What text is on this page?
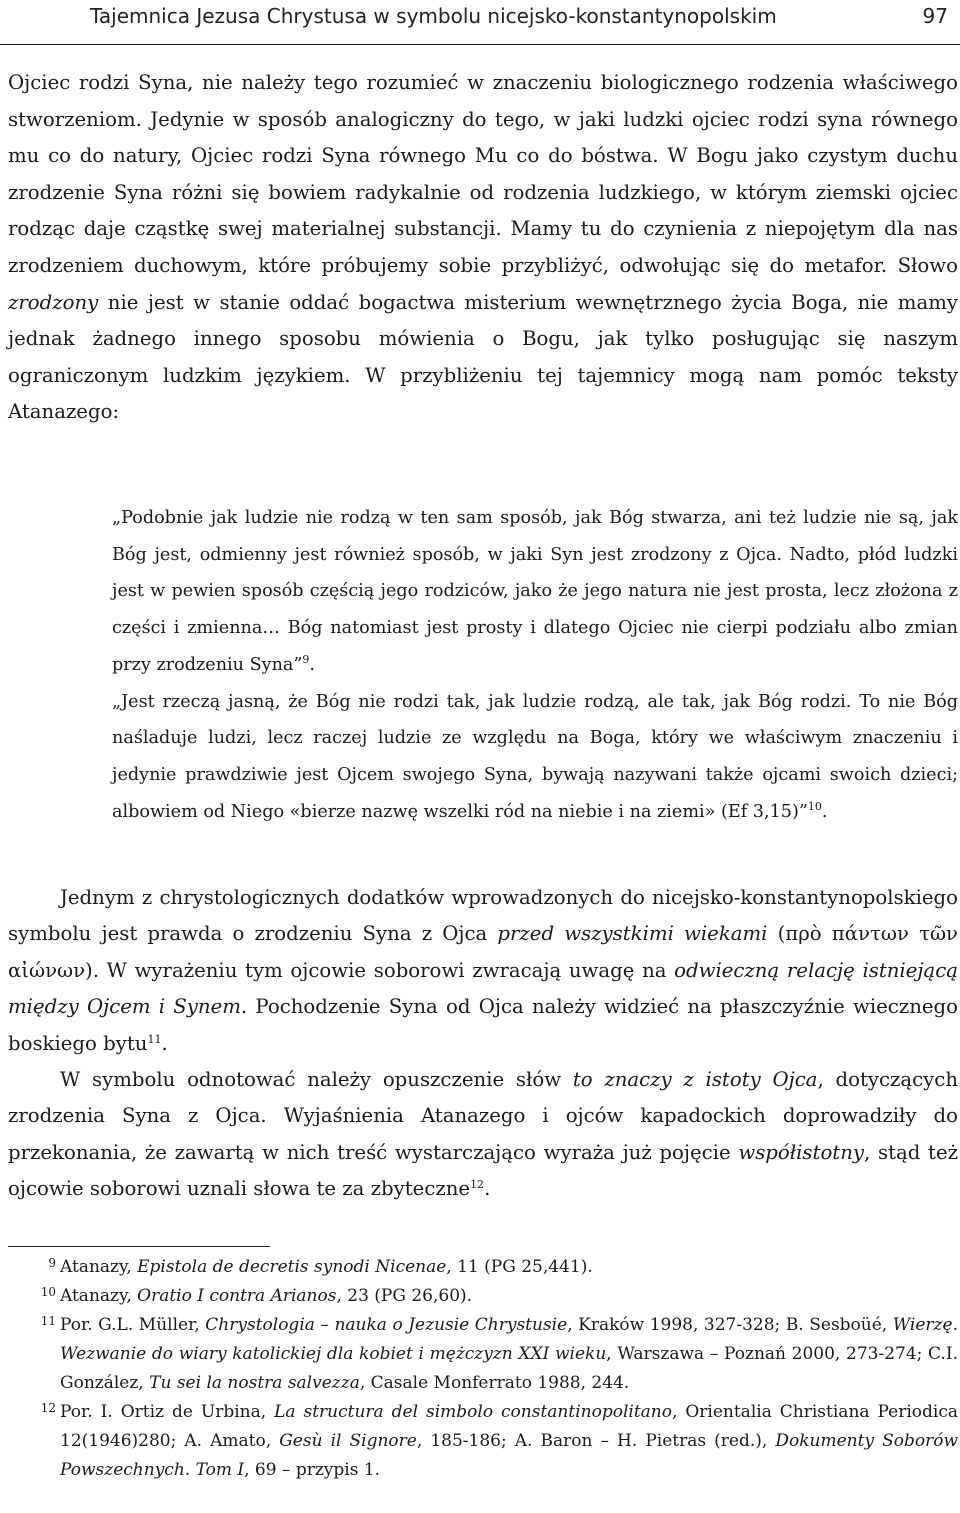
Tajemnica Jezusa Chrystusa w symbolu nicejsko-konstantynopolskim	97

Ojciec rodzi Syna, nie należy tego rozumieć w znaczeniu biologicznego rodzenia właściwego stworzeniom. Jedynie w sposób analogiczny do tego, w jaki ludzki ojciec rodzi syna równego mu co do natury, Ojciec rodzi Syna równego Mu co do bóstwa. W Bogu jako czystym duchu zrodzenie Syna różni się bowiem radykalnie od rodzenia ludzkiego, w którym ziemski ojciec rodząc daje cząstkę swej materialnej substancji. Mamy tu do czynienia z niepojętym dla nas zrodzeniem duchowym, które próbujemy sobie przybliżyć, odwołując się do metafor. Słowo zrodzony nie jest w stanie oddać bogactwa misterium wewnętrznego życia Boga, nie mamy jednak żadnego innego sposobu mówienia o Bogu, jak tylko posługując się naszym ograniczonym ludzkim językiem. W przybliżeniu tej tajemnicy mogą nam pomóc teksty Atanazego:

„Podobnie jak ludzie nie rodzą w ten sam sposób, jak Bóg stwarza, ani też ludzie nie są, jak Bóg jest, odmienny jest również sposób, w jaki Syn jest zrodzony z Ojca. Nadto, płód ludzki jest w pewien sposób częścią jego rodziców, jako że jego natura nie jest prosta, lecz złożona z części i zmienna… Bóg natomiast jest prosty i dlatego Ojciec nie cierpi podziału albo zmian przy zrodzeniu Syna”$^9$.

„Jest rzeczą jasną, że Bóg nie rodzi tak, jak ludzie rodzą, ale tak, jak Bóg rodzi. To nie Bóg naśladuje ludzi, lecz raczej ludzie ze względu na Boga, który we właściwym znaczeniu i jedynie prawdziwie jest Ojcem swojego Syna, bywają nazywani także ojcami swoich dzieci; albowiem od Niego «bierze nazwę wszelki ród na niebie i na ziemi» (Ef 3,15)”$^{10}$.

Jednym z chrystologicznych dodatków wprowadzonych do nicejsko-konstantynopolskiego symbolu jest prawda o zrodzeniu Syna z Ojca przed wszystkimi wiekami (πρὸ πάντων τῶν αἰώνων). W wyrażeniu tym ojcowie soborowi zwracają uwagę na odwieczną relację istniejącą między Ojcem i Synem. Pochodzenie Syna od Ojca należy widzieć na płaszczyźnie wiecznego boskiego bytu$^{11}$.

W symbolu odnotować należy opuszczenie słów to znaczy z istoty Ojca, dotyczących zrodzenia Syna z Ojca. Wyjaśnienia Atanazego i ojców kapadockich doprowadziły do przekonania, że zawartą w nich treść wystarczająco wyraża już pojęcie współistotny, stąd też ojcowie soborowi uznali słowa te za zbyteczne$^{12}$.

9 Atanazy, Epistola de decretis synodi Nicenae, 11 (PG 25,441).
10 Atanazy, Oratio I contra Arianos, 23 (PG 26,60).
11 Por. G.L. Müller, Chrystologia – nauka o Jezusie Chrystusie, Kraków 1998, 327-328; B. Sesboüé, Wierzę. Wezwanie do wiary katolickiej dla kobiet i mężczyzn XXI wieku, Warszawa – Poznań 2000, 273-274; C.I. González, Tu sei la nostra salvezza, Casale Monferrato 1988, 244.
12 Por. I. Ortiz de Urbina, La structura del simbolo constantinopolitano, Orientalia Christiana Periodica 12(1946)280; A. Amato, Gesù il Signore, 185-186; A. Baron – H. Pietras (red.), Dokumenty Soborów Powszechnych. Tom I, 69 – przypis 1.
